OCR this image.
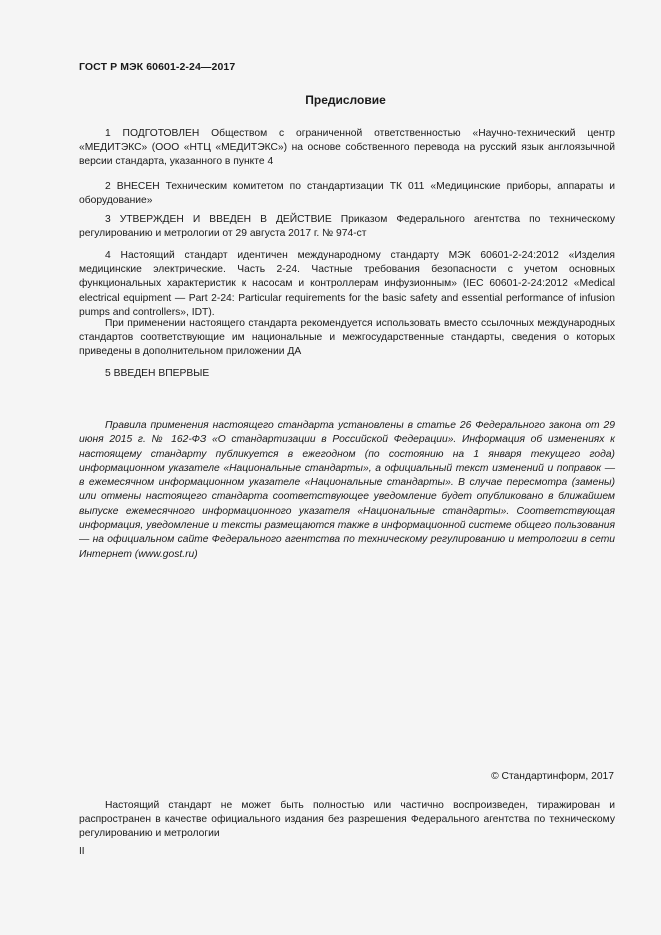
ГОСТ Р МЭК 60601-2-24—2017
Предисловие
1 ПОДГОТОВЛЕН Обществом с ограниченной ответственностью «Научно-технический центр «МЕДИТЭКС» (ООО «НТЦ «МЕДИТЭКС») на основе собственного перевода на русский язык англоязычной версии стандарта, указанного в пункте 4
2 ВНЕСЕН Техническим комитетом по стандартизации ТК 011 «Медицинские приборы, аппараты и оборудование»
3 УТВЕРЖДЕН И ВВЕДЕН В ДЕЙСТВИЕ Приказом Федерального агентства по техническому регулированию и метрологии от 29 августа 2017 г. № 974-ст
4 Настоящий стандарт идентичен международному стандарту МЭК 60601-2-24:2012 «Изделия медицинские электрические. Часть 2-24. Частные требования безопасности с учетом основных функциональных характеристик к насосам и контроллерам инфузионным» (IEC 60601-2-24:2012 «Medical electrical equipment — Part 2-24: Particular requirements for the basic safety and essential performance of infusion pumps and controllers», IDT).
При применении настоящего стандарта рекомендуется использовать вместо ссылочных международных стандартов соответствующие им национальные и межгосударственные стандарты, сведения о которых приведены в дополнительном приложении ДА
5 ВВЕДЕН ВПЕРВЫЕ
Правила применения настоящего стандарта установлены в статье 26 Федерального закона от 29 июня 2015 г. № 162-ФЗ «О стандартизации в Российской Федерации». Информация об изменениях к настоящему стандарту публикуется в ежегодном (по состоянию на 1 января текущего года) информационном указателе «Национальные стандарты», а официальный текст изменений и поправок — в ежемесячном информационном указателе «Национальные стандарты». В случае пересмотра (замены) или отмены настоящего стандарта соответствующее уведомление будет опубликовано в ближайшем выпуске ежемесячного информационного указателя «Национальные стандарты». Соответствующая информация, уведомление и тексты размещаются также в информационной системе общего пользования — на официальном сайте Федерального агентства по техническому регулированию и метрологии в сети Интернет (www.gost.ru)
© Стандартинформ, 2017
Настоящий стандарт не может быть полностью или частично воспроизведен, тиражирован и распространен в качестве официального издания без разрешения Федерального агентства по техническому регулированию и метрологии
II
